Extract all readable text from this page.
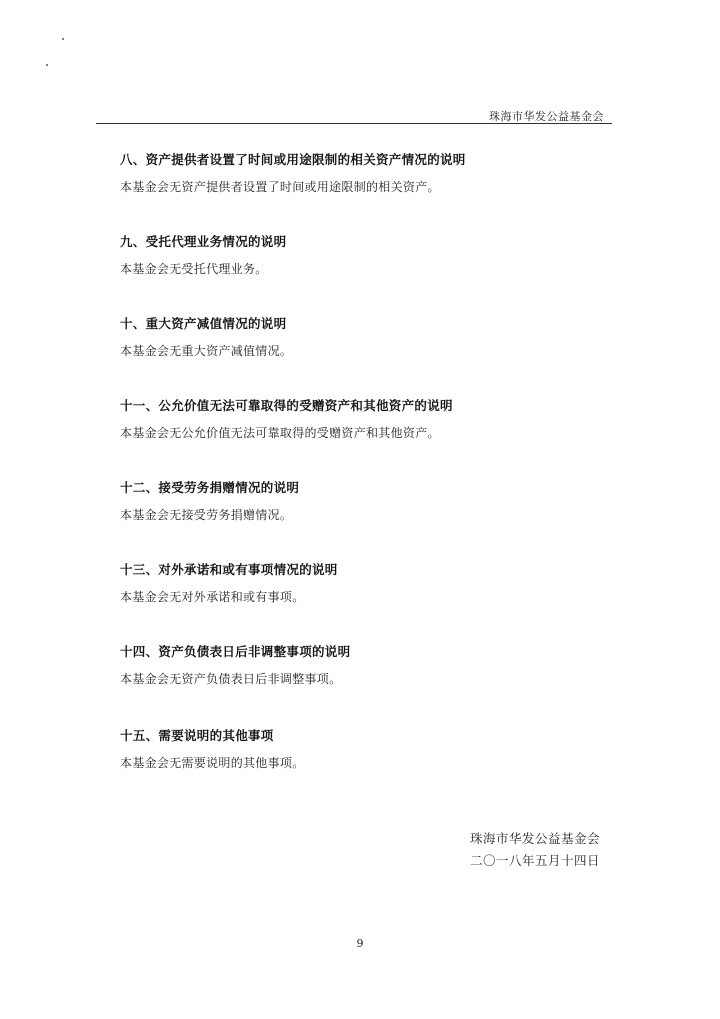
珠海市华发公益基金会
八、资产提供者设置了时间或用途限制的相关资产情况的说明
本基金会无资产提供者设置了时间或用途限制的相关资产。
九、受托代理业务情况的说明
本基金会无受托代理业务。
十、重大资产减值情况的说明
本基金会无重大资产减值情况。
十一、公允价值无法可靠取得的受赠资产和其他资产的说明
本基金会无公允价值无法可靠取得的受赠资产和其他资产。
十二、接受劳务捐赠情况的说明
本基金会无接受劳务捐赠情况。
十三、对外承诺和或有事项情况的说明
本基金会无对外承诺和或有事项。
十四、资产负债表日后非调整事项的说明
本基金会无资产负债表日后非调整事项。
十五、需要说明的其他事项
本基金会无需要说明的其他事项。
珠海市华发公益基金会
二〇一八年五月十四日
9
